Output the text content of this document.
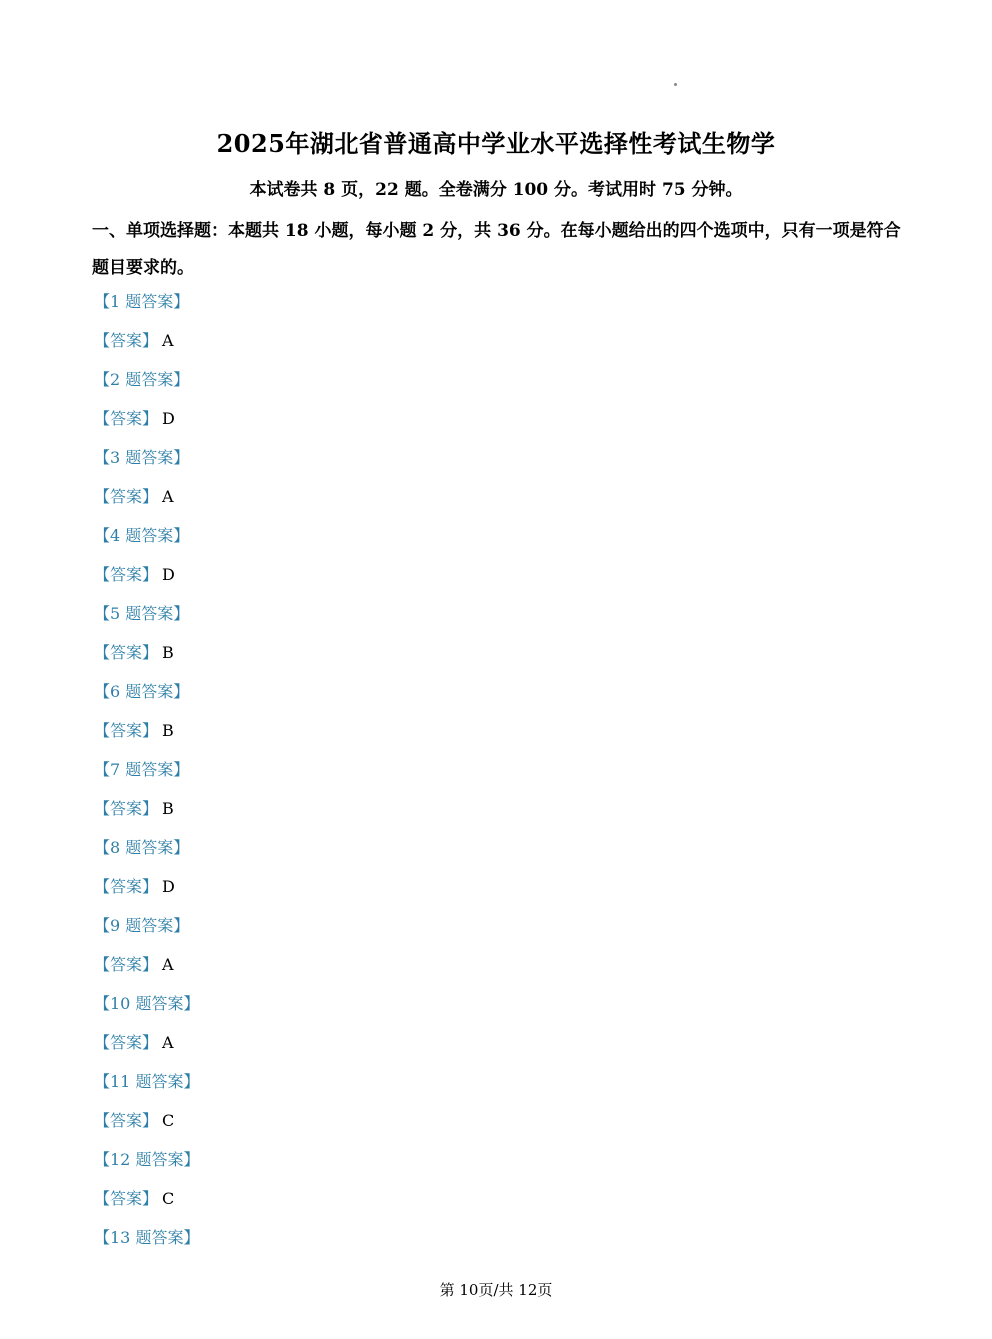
2025年湖北省普通高中学业水平选择性考试生物学
本试卷共 8 页，22 题。全卷满分 100 分。考试用时 75 分钟。
一、单项选择题：本题共 18 小题，每小题 2 分，共 36 分。在每小题给出的四个选项中，只有一项是符合题目要求的。
【1 题答案】
【答案】 A
【2 题答案】
【答案】 D
【3 题答案】
【答案】 A
【4 题答案】
【答案】 D
【5 题答案】
【答案】 B
【6 题答案】
【答案】 B
【7 题答案】
【答案】 B
【8 题答案】
【答案】 D
【9 题答案】
【答案】 A
【10 题答案】
【答案】 A
【11 题答案】
【答案】 C
【12 题答案】
【答案】 C
【13 题答案】
第 10页/共 12页
